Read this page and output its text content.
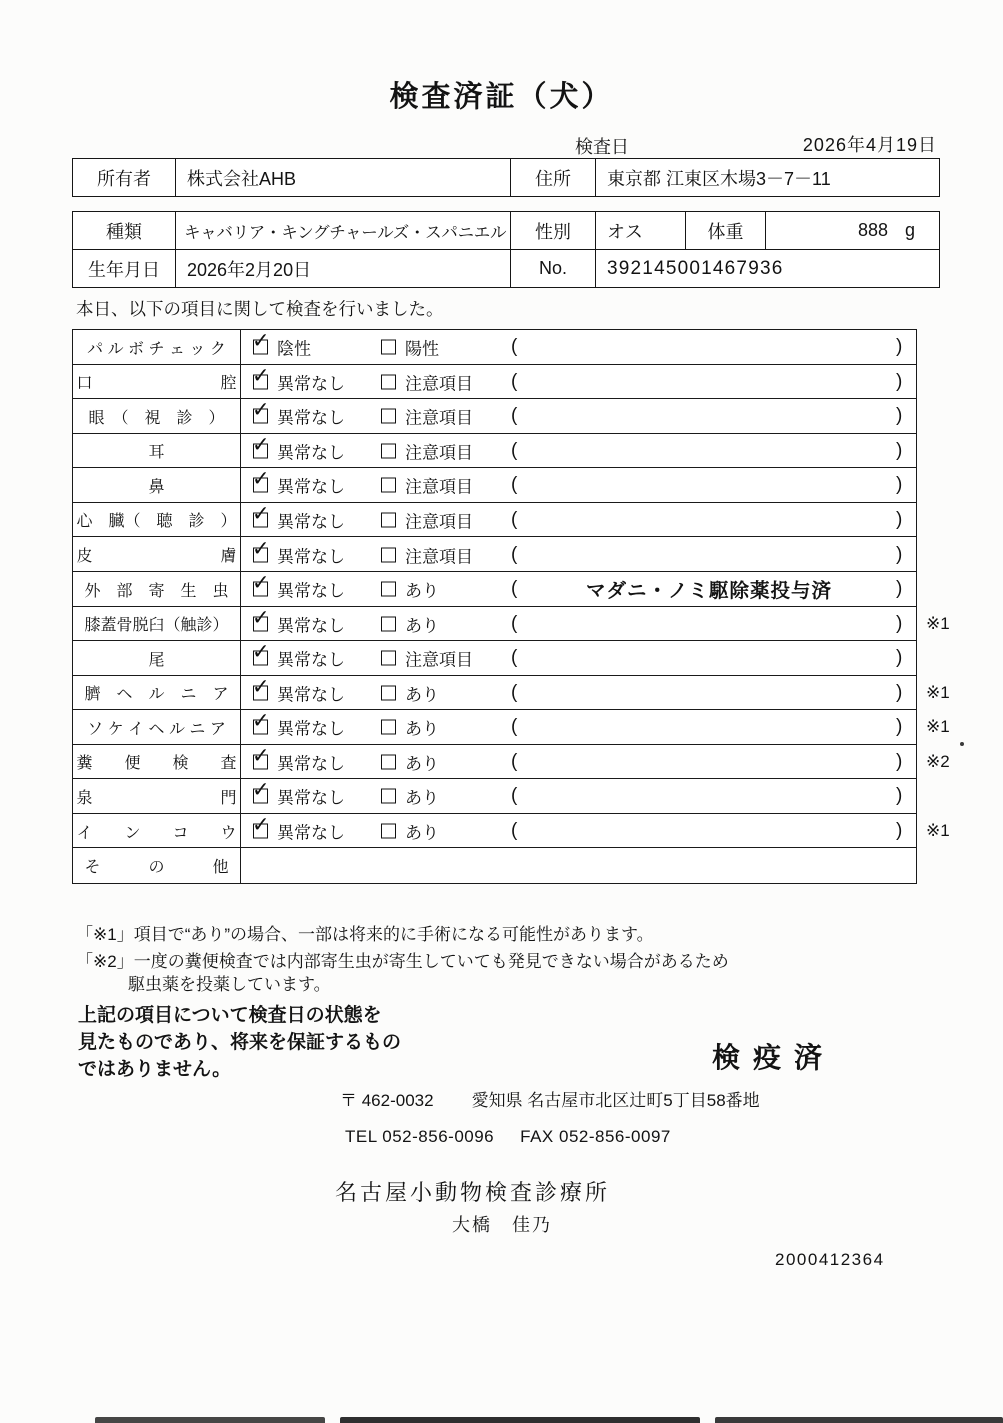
検査済証（犬）
検査日	2026年4月19日
所有者	株式会社AHB	住所	東京都 江東区木場3－7－11
種類	キャバリア・キングチャールズ・スパニエル	性別	オス	体重	888 g
生年月日	2026年2月20日	No.	392145001467936
本日、以下の項目に関して検査を行いました。
パ ル ボ チ ェ ッ ク ✓	陰性	陽性	(	)
口　　　　　　　　腔 ✓ 異常なし	注意項目 (	)
眼　（　視　診　） ✓	異常なし	注意項目 (	)
耳 ✓	異常なし	注意項目 (	)
鼻 ✓	異常なし	注意項目 (	)
心　臓（　聴　診　） ✓ 異常なし	注意項目 (	)
皮　　　　　　　　膚 ✓ 異常なし	注意項目 (	)
外　部　寄　生　虫 ✓	異常なし	あり	(	マダニ・ノミ駆除薬投与済	)
膝蓋骨脱臼（触診） ✓	異常なし	あり	(	) ※1
尾 ✓	異常なし	注意項目 (	)
臍　ヘ　ル　ニ　ア ✓	異常なし	あり	(	) ※1
ソ ケ イ ヘ ル ニ ア ✓	異常なし	あり	(	) ※1
糞　　便　　検　　査 ✓ 異常なし	あり	(	) ※2
泉　　　　　　　　門 ✓ 異常なし	あり	(	)
イ　　ン　　コ　　ウ ✓ 異常なし	あり	(	) ※1
そ　　　の　　　他
「※1」項目で“あり”の場合、一部は将来的に手術になる可能性があります。
「※2」一度の糞便検査では内部寄生虫が寄生していても発見できない場合があるため
駆虫薬を投薬しています。
上記の項目について検査日の状態を
見たものであり、将来を保証するもの
ではありません。	検疫済
〒 462-0032 愛知県 名古屋市北区辻町5丁目58番地
TEL 052-856-0096 FAX 052-856-0097
名古屋小動物検査診療所
大橋　佳乃
2000412364
